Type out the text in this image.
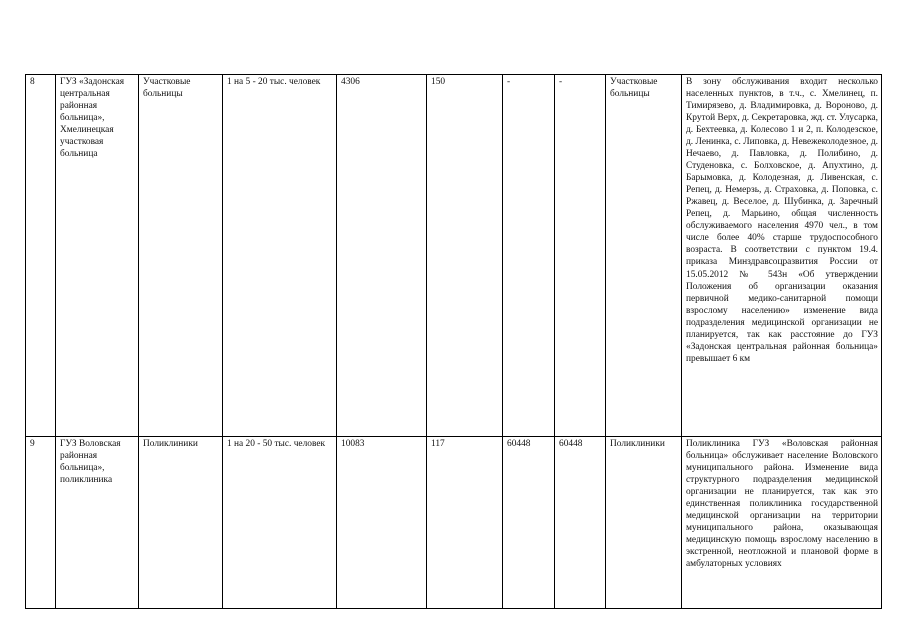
8	ГУЗ «Задонская центральная районная больница», Хмелинецкая участковая больница	Участковые больницы	1 на 5 - 20 тыс. человек	4306	150	-	-	Участковые больницы	В зону обслуживания входит несколько населенных пунктов, в т.ч., с. Хмелинец, п. Тимирязево, д. Владимировка, д. Вороново, д. Крутой Верх, д. Секретаровка, жд. ст. Улусарка, д. Бехтеевка, д. Колесово 1 и 2, п. Колодезское, д. Ленинка, с. Липовка, д. Невежеколодезное, д. Нечаево, д. Павловка, д. Полибино, д. Студеновка, с. Болховское, д. Апухтино, д. Барымовка, д. Колодезная, д. Ливенская, с. Репец, д. Немерзь, д. Страховка, д. Поповка, с. Ржавец, д. Веселое, д. Шубинка, д. Заречный Репец, д. Марьино, общая численность обслуживаемого населения 4970 чел., в том числе более 40% старше трудоспособного возраста. В соответствии с пунктом 19.4. приказа Минздравсоцразвития России от 15.05.2012 № 543н «Об утверждении Положения об организации оказания первичной медико-санитарной помощи взрослому населению» изменение вида подразделения медицинской организации не планируется, так как расстояние до ГУЗ «Задонская центральная районная больница» превышает 6 км
9	ГУЗ Воловская районная больница», поликлиника	Поликлиники	1 на 20 - 50 тыс. человек	10083	117	60448	60448	Поликлиники	Поликлиника ГУЗ «Воловская районная больница» обслуживает население Воловского муниципального района. Изменение вида структурного подразделения медицинской организации не планируется, так как это единственная поликлиника государственной медицинской организации на территории муниципального района, оказывающая медицинскую помощь взрослому населению в экстренной, неотложной и плановой форме в амбулаторных условиях
